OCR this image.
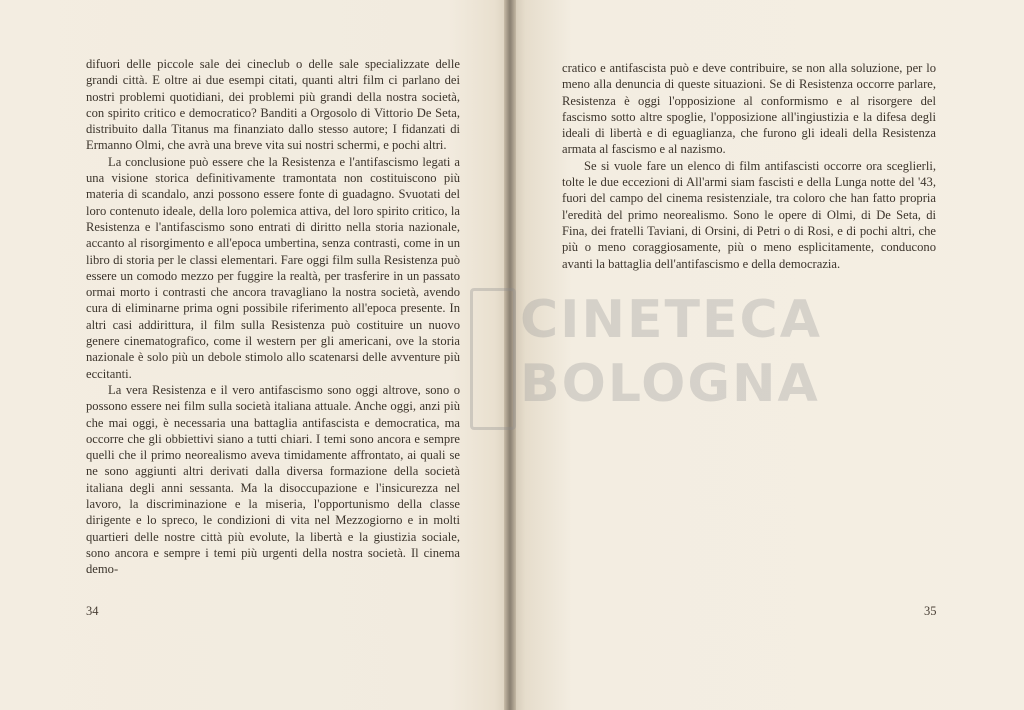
difuori delle piccole sale dei cineclub o delle sale specializzate delle grandi città. E oltre ai due esempi citati, quanti altri film ci parlano dei nostri problemi quotidiani, dei problemi più grandi della nostra società, con spirito critico e democratico? Banditi a Orgosolo di Vittorio De Seta, distribuito dalla Titanus ma finanziato dallo stesso autore; I fidanzati di Ermanno Olmi, che avrà una breve vita sui nostri schermi, e pochi altri.

La conclusione può essere che la Resistenza e l'antifascismo legati a una visione storica definitivamente tramontata non costituiscono più materia di scandalo, anzi possono essere fonte di guadagno. Svuotati del loro contenuto ideale, della loro polemica attiva, del loro spirito critico, la Resistenza e l'antifascismo sono entrati di diritto nella storia nazionale, accanto al risorgimento e all'epoca umbertina, senza contrasti, come in un libro di storia per le classi elementari. Fare oggi film sulla Resistenza può essere un comodo mezzo per fuggire la realtà, per trasferire in un passato ormai morto i contrasti che ancora travagliano la nostra società, avendo cura di eliminarne prima ogni possibile riferimento all'epoca presente. In altri casi addirittura, il film sulla Resistenza può costituire un nuovo genere cinematografico, come il western per gli americani, ove la storia nazionale è solo più un debole stimolo allo scatenarsi delle avventure più eccitanti.

La vera Resistenza e il vero antifascismo sono oggi altrove, sono o possono essere nei film sulla società italiana attuale. Anche oggi, anzi più che mai oggi, è necessaria una battaglia antifascista e democratica, ma occorre che gli obbiettivi siano a tutti chiari. I temi sono ancora e sempre quelli che il primo neorealismo aveva timidamente affrontato, ai quali se ne sono aggiunti altri derivati dalla diversa formazione della società italiana degli anni sessanta. Ma la disoccupazione e l'insicurezza nel lavoro, la discriminazione e la miseria, l'opportunismo della classe dirigente e lo spreco, le condizioni di vita nel Mezzogiorno e in molti quartieri delle nostre città più evolute, la libertà e la giustizia sociale, sono ancora e sempre i temi più urgenti della nostra società. Il cinema demo-

34

cratico e antifascista può e deve contribuire, se non alla soluzione, per lo meno alla denuncia di queste situazioni. Se di Resistenza occorre parlare, Resistenza è oggi l'opposizione al conformismo e al risorgere del fascismo sotto altre spoglie, l'opposizione all'ingiustizia e la difesa degli ideali di libertà e di eguaglianza, che furono gli ideali della Resistenza armata al fascismo e al nazismo.

Se si vuole fare un elenco di film antifascisti occorre ora sceglierli, tolte le due eccezioni di All'armi siam fascisti e della Lunga notte del '43, fuori del campo del cinema resistenziale, tra coloro che han fatto propria l'eredità del primo neorealismo. Sono le opere di Olmi, di De Seta, di Fina, dei fratelli Taviani, di Orsini, di Petri o di Rosi, e di pochi altri, che più o meno coraggiosamente, più o meno esplicitamente, conducono avanti la battaglia dell'antifascismo e della democrazia.

35
CINETECA
BOLOGNA
